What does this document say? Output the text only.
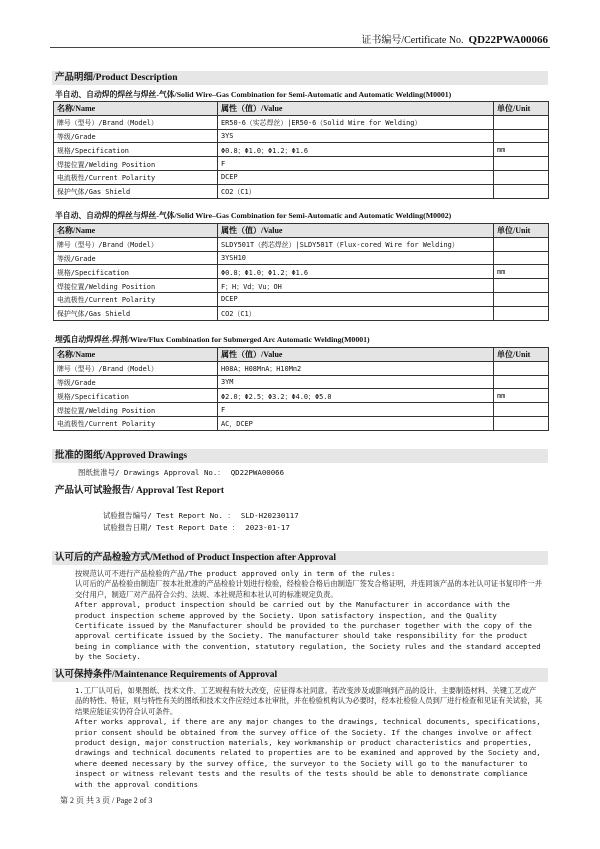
证书编号/Certificate No. QD22PWA00066
产品明细/Product Description
半自动、自动焊的焊丝与焊丝-气体/Solid Wire–Gas Combination for Semi-Automatic and Automatic Welding(M0001)
名称/Name	属性（值）/Value	单位/Unit
牌号（型号）/Brand（Model）	ER50-6（实芯焊丝）|ER50-6（Solid Wire for Welding）	
等级/Grade	3YS	
规格/Specification	Φ0.8；Φ1.0；Φ1.2；Φ1.6	mm
焊接位置/Welding Position	F	
电流极性/Current Polarity	DCEP	
保护气体/Gas Shield	CO2（C1）	
半自动、自动焊的焊丝与焊丝-气体/Solid Wire–Gas Combination for Semi-Automatic and Automatic Welding(M0002)
名称/Name	属性（值）/Value	单位/Unit
牌号（型号）/Brand（Model）	SLDY501T（药芯焊丝）|SLDY501T（Flux-cored Wire for Welding）	
等级/Grade	3YSH10	
规格/Specification	Φ0.8；Φ1.0；Φ1.2；Φ1.6	mm
焊接位置/Welding Position	F；H；Vd；Vu；OH	
电流极性/Current Polarity	DCEP	
保护气体/Gas Shield	CO2（C1）	
埋弧自动焊焊丝-焊剂/Wire/Flux Combination for Submerged Arc Automatic Welding(M0001)
名称/Name	属性（值）/Value	单位/Unit
牌号（型号）/Brand（Model）	H08A；H08MnA；H10Mn2	
等级/Grade	3YM	
规格/Specification	Φ2.0；Φ2.5；Φ3.2；Φ4.0；Φ5.0	mm
焊接位置/Welding Position	F	
电流极性/Current Polarity	AC，DCEP	
批准的图纸/Approved Drawings
图纸批准号/ Drawings Approval No.： QD22PWA00066
产品认可试验报告/ Approval Test Report
试验报告编号/ Test Report No. ： SLD-H20230117
试验报告日期/ Test Report Date ： 2023-01-17
认可后的产品检验方式/Method of Product Inspection after Approval
按规范认可不进行产品检验的产品/The product approved only in term of the rules:
认可后的产品检验由制造厂按本社批准的产品检验计划进行检验，经检验合格后由制造厂签发合格证明，并连同该产品的本社认可证书复印件一并交付用户，制造厂对产品符合公约、法规、本社规范和本社认可的标准规定负责。
After approval, product inspection should be carried out by the Manufacturer in accordance with the product inspection scheme approved by the Society. Upon satisfactory inspection, and the Quality Certificate issued by the Manufacturer should be provided to the purchaser together with the copy of the approval certificate issued by the Society. The manufacturer should take responsibility for the product being in compliance with the convention, statutory regulation, the Society rules and the standard accepted by the Society.
认可保持条件/Maintenance Requirements of Approval
1.工厂认可后，如果图纸、技术文件、工艺规程有较大改变，应征得本社同意。若改变涉及或影响到产品的设计、主要制造材料、关键工艺或产品的特性、特征，则与特性有关的图纸和技术文件应经过本社审批，并在检验机构认为必要时，经本社检验人员到厂进行检查和见证有关试验，其结果应能证实仍符合认可条件。
After works approval, if there are any major changes to the drawings, technical documents, specifications, prior consent should be obtained from the survey office of the Society. If the changes involve or affect product design, major construction materials, key workmanship or product characteristics and properties, drawings and technical documents related to properties are to be examined and approved by the Society and, where deemed necessary by the survey office, the surveyor to the Society will go to the manufacturer to inspect or witness relevant tests and the results of the tests should be able to demonstrate compliance with the approval conditions
第 2 页 共 3 页 / Page 2 of 3
